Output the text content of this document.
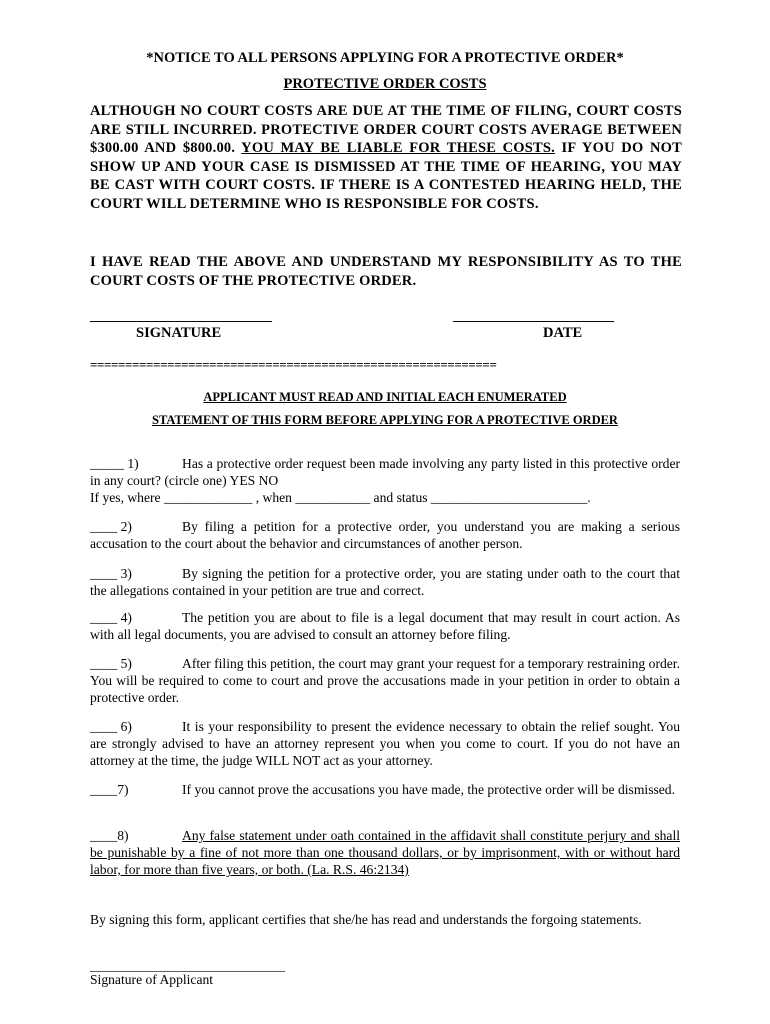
*NOTICE TO ALL PERSONS APPLYING FOR A PROTECTIVE ORDER*
PROTECTIVE ORDER COSTS
ALTHOUGH NO COURT COSTS ARE DUE AT THE TIME OF FILING, COURT COSTS ARE STILL INCURRED. PROTECTIVE ORDER COURT COSTS AVERAGE BETWEEN $300.00 AND $800.00. YOU MAY BE LIABLE FOR THESE COSTS. IF YOU DO NOT SHOW UP AND YOUR CASE IS DISMISSED AT THE TIME OF HEARING, YOU MAY BE CAST WITH COURT COSTS. IF THERE IS A CONTESTED HEARING HELD, THE COURT WILL DETERMINE WHO IS RESPONSIBLE FOR COSTS.
I HAVE READ THE ABOVE AND UNDERSTAND MY RESPONSIBILITY AS TO THE COURT COSTS OF THE PROTECTIVE ORDER.
__________________________	_______________________
SIGNATURE	DATE
==========================================================
APPLICANT MUST READ AND INITIAL EACH ENUMERATED
STATEMENT OF THIS FORM BEFORE APPLYING FOR A PROTECTIVE ORDER
_____ 1)	Has a protective order request been made involving any party listed in this protective order in any court? (circle one) YES NO
If yes, where _____________ , when ___________ and status _______________________.
____ 2)	By filing a petition for a protective order, you understand you are making a serious accusation to the court about the behavior and circumstances of another person.
____ 3)	By signing the petition for a protective order, you are stating under oath to the court that the allegations contained in your petition are true and correct.
____ 4)	The petition you are about to file is a legal document that may result in court action. As with all legal documents, you are advised to consult an attorney before filing.
____ 5)	After filing this petition, the court may grant your request for a temporary restraining order. You will be required to come to court and prove the accusations made in your petition in order to obtain a protective order.
____ 6)	It is your responsibility to present the evidence necessary to obtain the relief sought. You are strongly advised to have an attorney represent you when you come to court. If you do not have an attorney at the time, the judge WILL NOT act as your attorney.
____7)	If you cannot prove the accusations you have made, the protective order will be dismissed.
____8)	Any false statement under oath contained in the affidavit shall constitute perjury and shall be punishable by a fine of not more than one thousand dollars, or by imprisonment, with or without hard labor, for more than five years, or both. (La. R.S. 46:2134)
By signing this form, applicant certifies that she/he has read and understands the forgoing statements.
______________________________
Signature of Applicant
